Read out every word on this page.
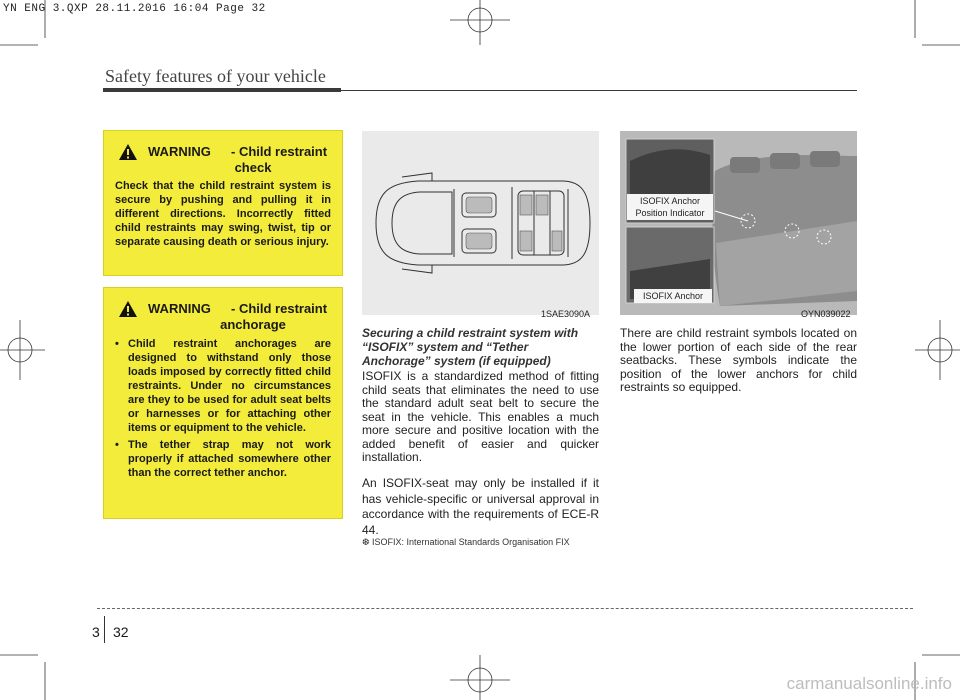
YN ENG 3.QXP 28.11.2016 16:04 Page 32
Safety features of your vehicle
WARNING - Child restraint
check
Check that the child restraint system is secure by pushing and pulling it in different directions. Incorrectly fitted child restraints may swing, twist, tip or separate causing death or serious injury.
WARNING - Child restraint
anchorage
• Child restraint anchorages are designed to withstand only those loads imposed by correctly fitted child restraints. Under no circumstances are they to be used for adult seat belts or harnesses or for attaching other items or equipment to the vehicle.
• The tether strap may not work properly if attached somewhere other than the correct tether anchor.
1SAE3090A
ISOFIX Anchor
Position Indicator
ISOFIX Anchor
OYN039022
Securing a child restraint system with “ISOFIX” system and “Tether Anchorage” system (if equipped)
ISOFIX is a standardized method of fitting child seats that eliminates the need to use the standard adult seat belt to secure the seat in the vehicle. This enables a much more secure and positive location with the added benefit of easier and quicker installation.
An ISOFIX-seat may only be installed if it has vehicle-specific or universal approval in accordance with the requirements of ECE-R 44.
❆ ISOFIX: International Standards Organisation FIX
There are child restraint symbols located on the lower portion of each side of the rear seatbacks. These symbols indicate the position of the lower anchors for child restraints so equipped.
3 32
carmanualsonline.info
